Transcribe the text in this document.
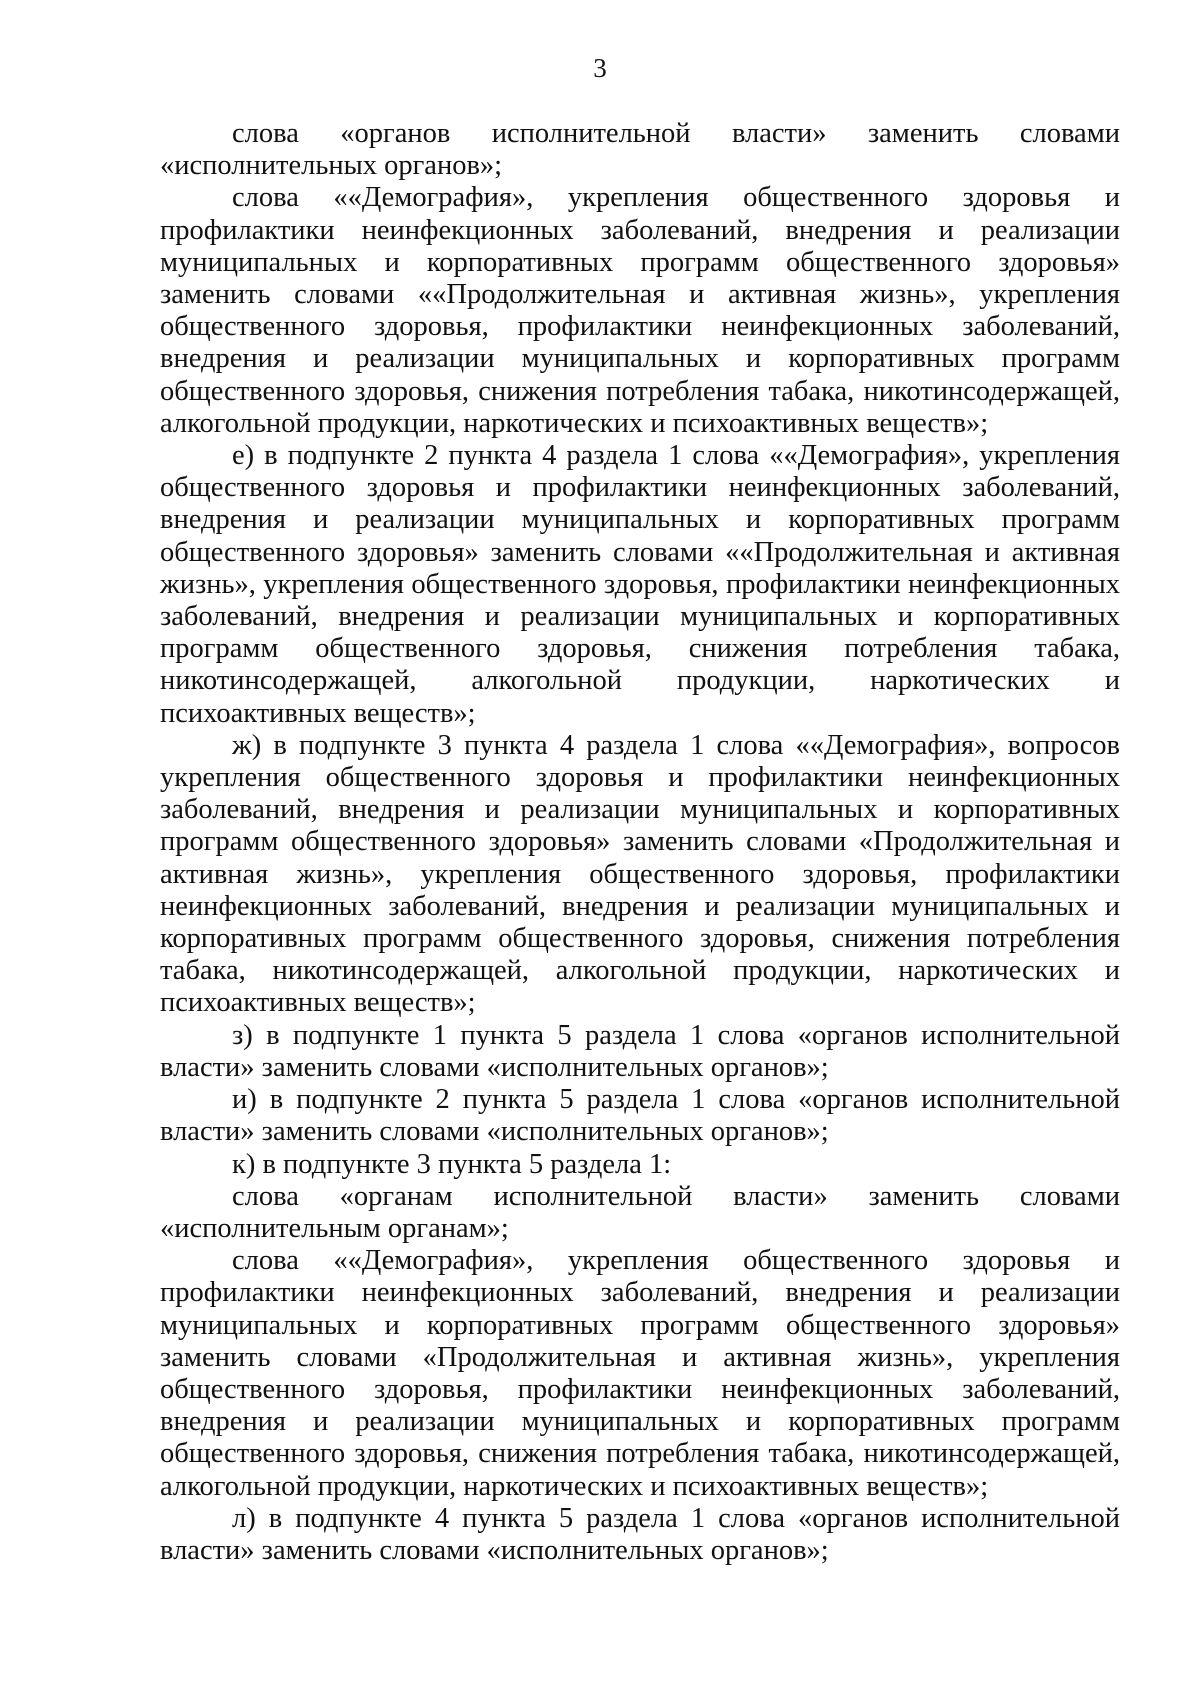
3

слова «органов исполнительной власти» заменить словами «исполнительных органов»;

слова ««Демография», укрепления общественного здоровья и профилактики неинфекционных заболеваний, внедрения и реализации муниципальных и корпоративных программ общественного здоровья» заменить словами ««Продолжительная и активная жизнь», укрепления общественного здоровья, профилактики неинфекционных заболеваний, внедрения и реализации муниципальных и корпоративных программ общественного здоровья, снижения потребления табака, никотинсодержащей, алкогольной продукции, наркотических и психоактивных веществ»;

е) в подпункте 2 пункта 4 раздела 1 слова ««Демография», укрепления общественного здоровья и профилактики неинфекционных заболеваний, внедрения и реализации муниципальных и корпоративных программ общественного здоровья» заменить словами ««Продолжительная и активная жизнь», укрепления общественного здоровья, профилактики неинфекционных заболеваний, внедрения и реализации муниципальных и корпоративных программ общественного здоровья, снижения потребления табака, никотинсодержащей, алкогольной продукции, наркотических и психоактивных веществ»;

ж) в подпункте 3 пункта 4 раздела 1 слова ««Демография», вопросов укрепления общественного здоровья и профилактики неинфекционных заболеваний, внедрения и реализации муниципальных и корпоративных программ общественного здоровья» заменить словами «Продолжительная и активная жизнь», укрепления общественного здоровья, профилактики неинфекционных заболеваний, внедрения и реализации муниципальных и корпоративных программ общественного здоровья, снижения потребления табака, никотинсодержащей, алкогольной продукции, наркотических и психоактивных веществ»;

з) в подпункте 1 пункта 5 раздела 1 слова «органов исполнительной власти» заменить словами «исполнительных органов»;

и) в подпункте 2 пункта 5 раздела 1 слова «органов исполнительной власти» заменить словами «исполнительных органов»;

к) в подпункте 3 пункта 5 раздела 1:

слова «органам исполнительной власти» заменить словами «исполнительным органам»;

слова ««Демография», укрепления общественного здоровья и профилактики неинфекционных заболеваний, внедрения и реализации муниципальных и корпоративных программ общественного здоровья» заменить словами «Продолжительная и активная жизнь», укрепления общественного здоровья, профилактики неинфекционных заболеваний, внедрения и реализации муниципальных и корпоративных программ общественного здоровья, снижения потребления табака, никотинсодержащей, алкогольной продукции, наркотических и психоактивных веществ»;

л) в подпункте 4 пункта 5 раздела 1 слова «органов исполнительной власти» заменить словами «исполнительных органов»;
